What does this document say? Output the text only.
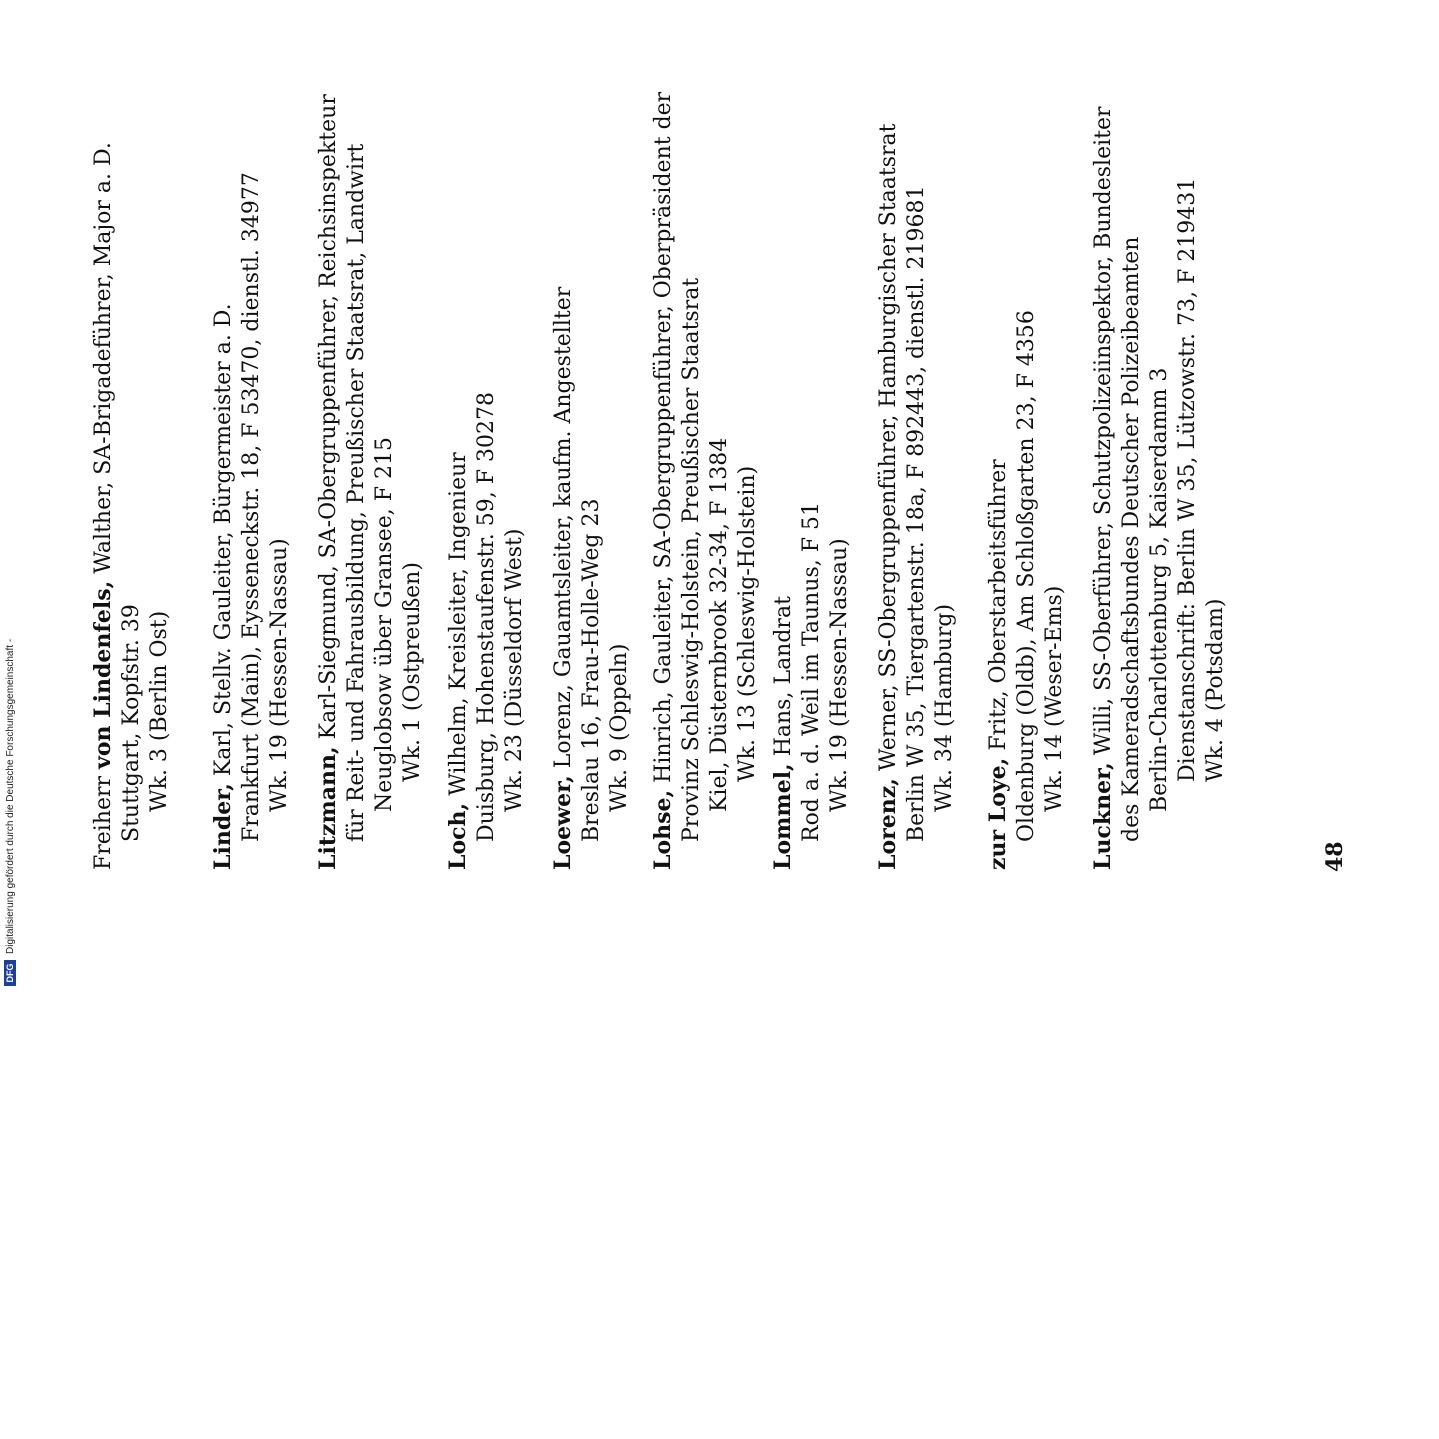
Freiherr von Lindenfels, Walther, SA-Brigadeführer, Major a. D.
Stuttgart, Kopfstr. 39 Wk. 3 (Berlin Ost)
Linder, Karl, Stellv. Gauleiter, Bürgermeister a. D. Frankfurt (Main), Eysseneckstr. 18, F 53470, dienstl. 34977 Wk. 19 (Hessen-Nassau) Litzmann, Karl-Siegmund, SA-Obergruppenführer, Reichsinspekteur für Reit- und Fahrausbildung, Preußischer Staatsrat, Landwirt Neuglobsow über Gransee, F 215 Wk. 1 (Ostpreußen)
Loch, Wilhelm, Kreisleiter, Ingenieur Duisburg, Hohenstaufenstr. 59, F 30278 Wk. 23 (Düsseldorf West)
Loewer, Lorenz, Gauamtsleiter, kaufm. Angestellter Breslau 16, Frau-Holle-Weg 23 Wk. 9 (Oppeln)
Lohse, Hinrich, Gauleiter, SA-Obergruppenführer, Oberpräsident der Provinz Schleswig-Holstein, Preußischer Staatsrat Kiel, Düsternbrook 32-34, F 1384 Wk. 13 (Schleswig-Holstein)
Lommel, Hans, Landrat Rod a. d. Weil im Taunus, F 51 Wk. 19 (Hessen-Nassau)
Lorenz, Werner, SS-Obergruppenführer, Hamburgischer Staatsrat Berlin W 35, Tiergartenstr. 18a, F 892443, dienstl. 219681 Wk. 34 (Hamburg)
zur Loye, Fritz, Oberstarbeitsführer Oldenburg (Oldb), Am Schloßgarten 23, F 4356 Wk. 14 (Weser-Ems)
Luckner, Willi, SS-Oberführer, Schutzpolizeiinspektor, Bundesleiter des Kameradschaftsbundes Deutscher Polizeibeamten Berlin-Charlottenburg 5, Kaiserdamm 3 Dienstanschrift: Berlin W 35, Lützowstr. 73, F 219431 Wk. 4 (Potsdam)
48
DFG
Digitalisierung gefördert durch die Deutsche Forschungsgemeinschaft -
